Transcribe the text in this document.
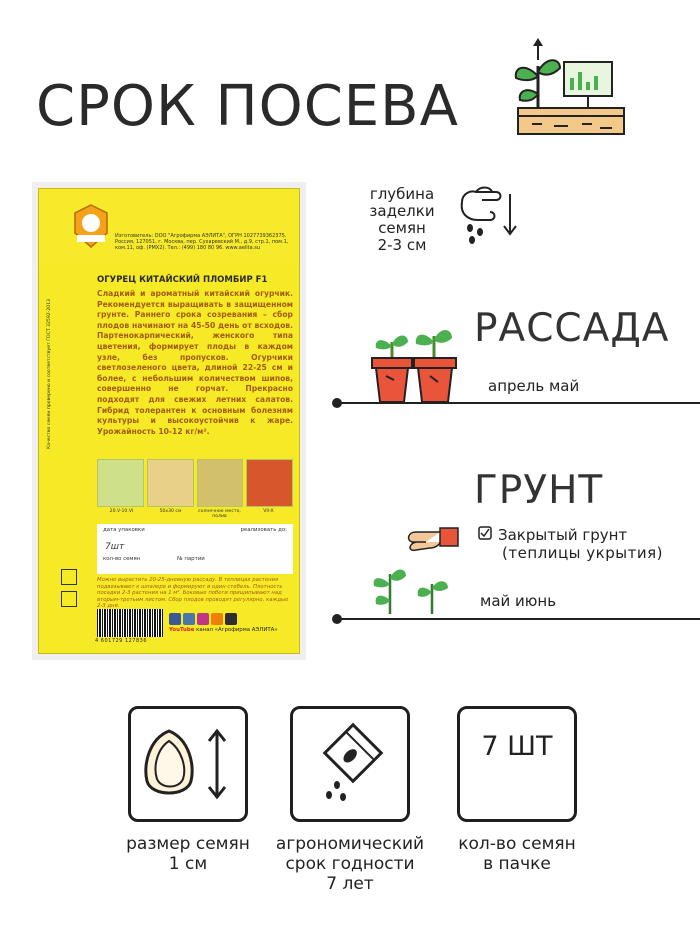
СРОК ПОСЕВА
Изготовитель: ООО "Агрофирма АЭЛИТА", ОГРН 1027739362375. Россия, 127051, г. Москва, пер. Сухаревский М., д.9, стр.1, пом.1, ком.11, оф. (РМХ2). Тел.: (499) 180 80 96. www.aelita.su
ОГУРЕЦ КИТАЙСКИЙ ПЛОМБИР F1
Сладкий и ароматный китайский огурчик. Рекомендуется выращивать в защищенном грунте. Раннего срока созревания – сбор плодов начинают на 45-50 день от всходов. Партенокарпический, женского типа цветения, формирует плоды в каждом узле, без пропусков. Огурчики светлозеленого цвета, длиной 22-25 см и более, с небольшим количеством шипов, совершенно не горчат. Прекрасно подходят для свежих летних салатов. Гибрид толерантен к основным болезням культуры и высокоустойчив к жаре. Урожайность 10-12 кг/м².
Качество семян проверено и соответствует ГОСТ 32592-2013
20.V-10.VI	50x30 см	солнечное место, полив
VII-X
дата упаковки	реализовать до:
7шт
кол-во семян	№ партии
Можно вырастить 20-25-дневную рассаду. В теплицах растения подвязывают к шпалере и формируют в один стебель. Плотность посадки 2-3 растения на 1 м². Боковые побеги прищипывают над вторым-третьим листом. Сбор плодов проводят регулярно, каждые 2-3 дня.
4 601729 127836
YouTube канал «Агрофирма АЭЛИТА»
глубина
заделки
семян
2-3 см
РАССАДА
апрель май
ГРУНТ
Закрытый грунт
(теплицы укрытия)
май июнь
7 ШТ
размер семян
1 см
агрономический
срок годности
7 лет
кол-во семян
в пачке
